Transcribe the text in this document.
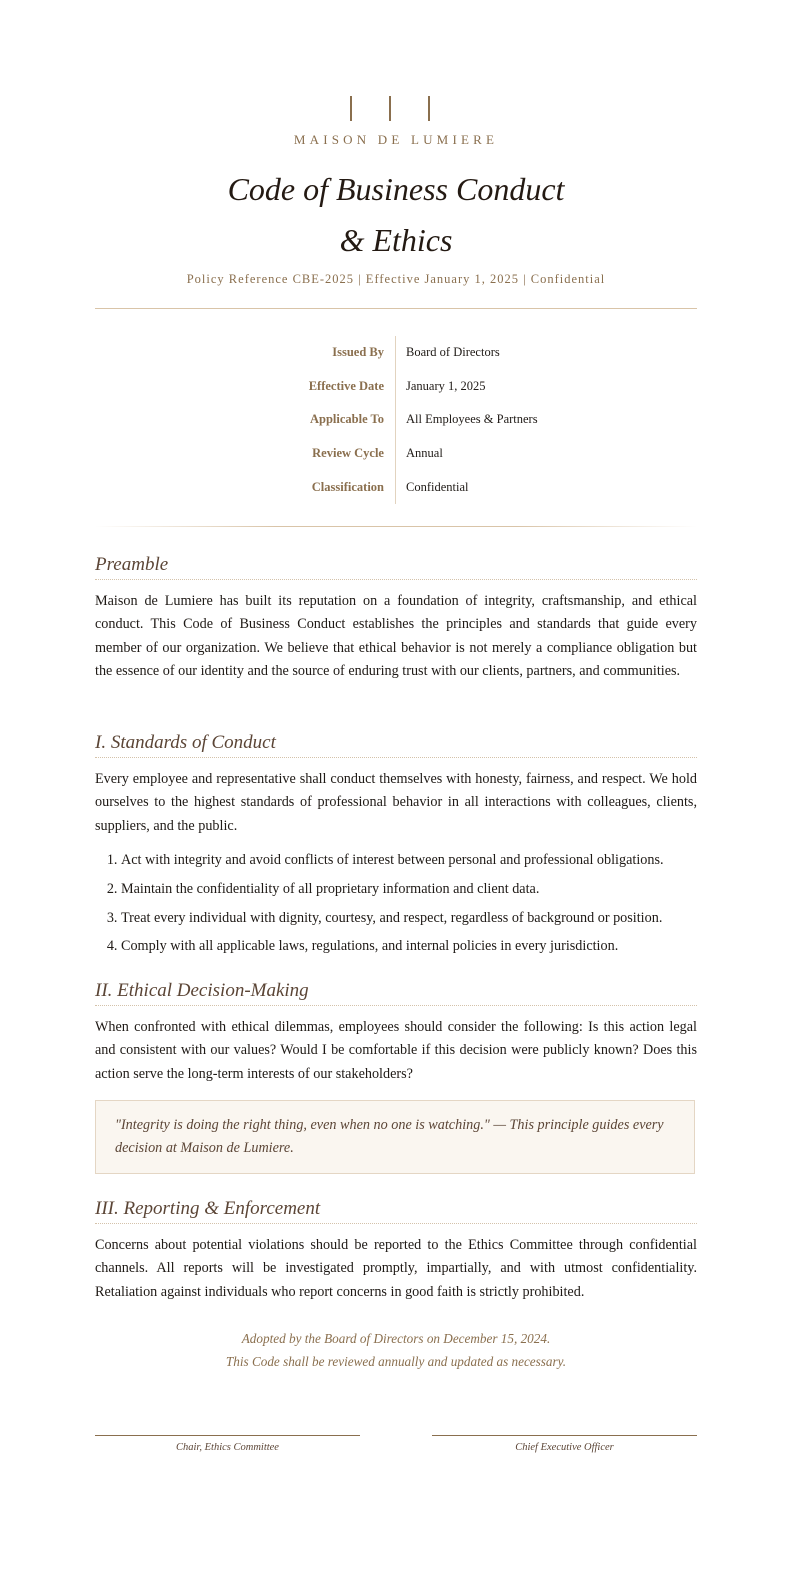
MAISON DE LUMIERE
Code of Business Conduct
& Ethics
Policy Reference CBE-2025 | Effective January 1, 2025 | Confidential
Issued By Board of Directors
Effective Date January 1, 2025
Applicable To All Employees & Partners
Review Cycle Annual
Classification Confidential
Preamble

Maison de Lumiere has built its reputation on a foundation of integrity, craftsmanship, and ethical conduct. This Code of Business Conduct establishes the principles and standards that guide every member of our organization. We believe that ethical behavior is not merely a compliance obligation but the essence of our identity and the source of enduring trust with our clients, partners, and communities.

I. Standards of Conduct

Every employee and representative shall conduct themselves with honesty, fairness, and respect. We hold ourselves to the highest standards of professional behavior in all interactions with colleagues, clients, suppliers, and the public.

1. Act with integrity and avoid conflicts of interest between personal and professional obligations.
2. Maintain the confidentiality of all proprietary information and client data.
3. Treat every individual with dignity, courtesy, and respect, regardless of background or position.
4. Comply with all applicable laws, regulations, and internal policies in every jurisdiction.
II. Ethical Decision-Making

When confronted with ethical dilemmas, employees should consider the following: Is this action legal and consistent with our values? Would I be comfortable if this decision were publicly known? Does this action serve the long-term interests of our stakeholders?

"Integrity is doing the right thing, even when no one is watching." — This principle guides every decision at Maison de Lumiere.

III. Reporting & Enforcement

Concerns about potential violations should be reported to the Ethics Committee through confidential channels. All reports will be investigated promptly, impartially, and with utmost confidentiality. Retaliation against individuals who report concerns in good faith is strictly prohibited.

Adopted by the Board of Directors on December 15, 2024.
This Code shall be reviewed annually and updated as necessary.
Chair, Ethics Committee	Chief Executive Officer
